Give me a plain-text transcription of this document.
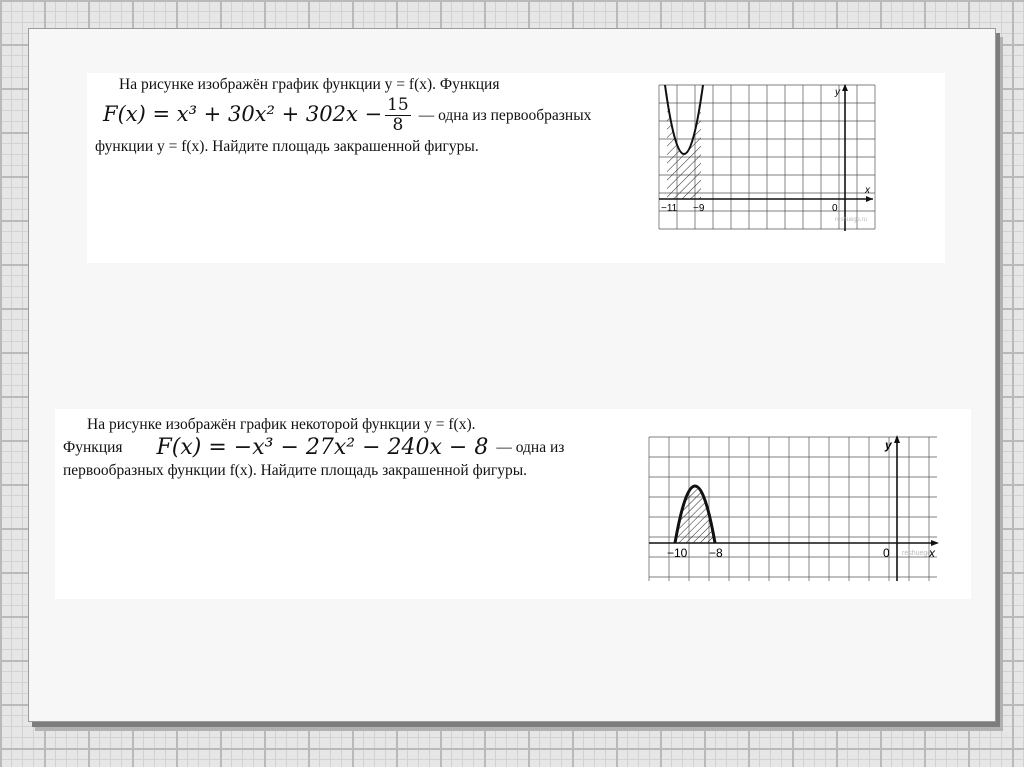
На рисунке изображён график функции y = f(x). Функция

$F(x) = x^3 + 30x^2 + 302x - \frac{15}{8}$ — одна из первообразных

функции y = f(x). Найдите площадь закрашенной фигуры.

y
x
−11 −9	0
reshuege.ru

На рисунке изображён график некоторой функции y = f(x).

Функция F(x) = −x³ − 27x² − 240x − 8 — одна из

первообразных функции f(x). Найдите площадь закрашенной фигуры.

y
x
−10 −8	0 reshuege
